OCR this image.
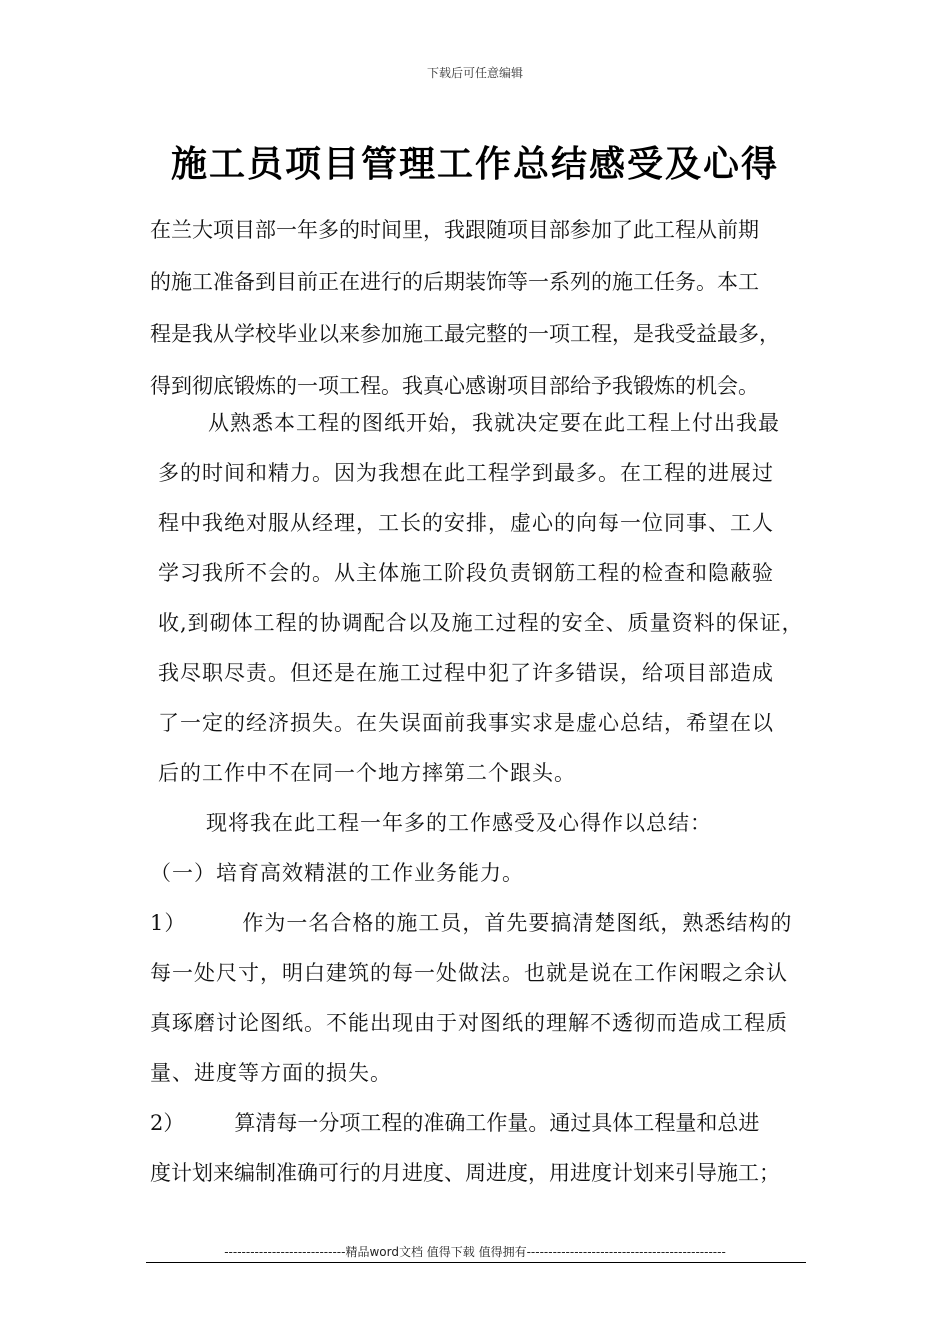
下载后可任意编辑
施工员项目管理工作总结感受及心得
在兰大项目部一年多的时间里，我跟随项目部参加了此工程从前期
的施工准备到目前正在进行的后期装饰等一系列的施工任务。本工
程是我从学校毕业以来参加施工最完整的一项工程，是我受益最多，
得到彻底锻炼的一项工程。我真心感谢项目部给予我锻炼的机会。
从熟悉本工程的图纸开始，我就决定要在此工程上付出我最
多的时间和精力。因为我想在此工程学到最多。在工程的进展过
程中我绝对服从经理，工长的安排，虚心的向每一位同事、工人
学习我所不会的。从主体施工阶段负责钢筋工程的检查和隐蔽验
收,到砌体工程的协调配合以及施工过程的安全、质量资料的保证，
我尽职尽责。但还是在施工过程中犯了许多错误，给项目部造成
了一定的经济损失。在失误面前我事实求是虚心总结，希望在以
后的工作中不在同一个地方摔第二个跟头。
现将我在此工程一年多的工作感受及心得作以总结：
（一）培育高效精湛的工作业务能力。
1）	作为一名合格的施工员，首先要搞清楚图纸，熟悉结构的
每一处尺寸，明白建筑的每一处做法。也就是说在工作闲暇之余认
真琢磨讨论图纸。不能出现由于对图纸的理解不透彻而造成工程质
量、进度等方面的损失。
2） 算清每一分项工程的准确工作量。通过具体工程量和总进
度计划来编制准确可行的月进度、周进度，用进度计划来引导施工；
----------------------------精品word文档 值得下载 值得拥有----------------------------------------------
